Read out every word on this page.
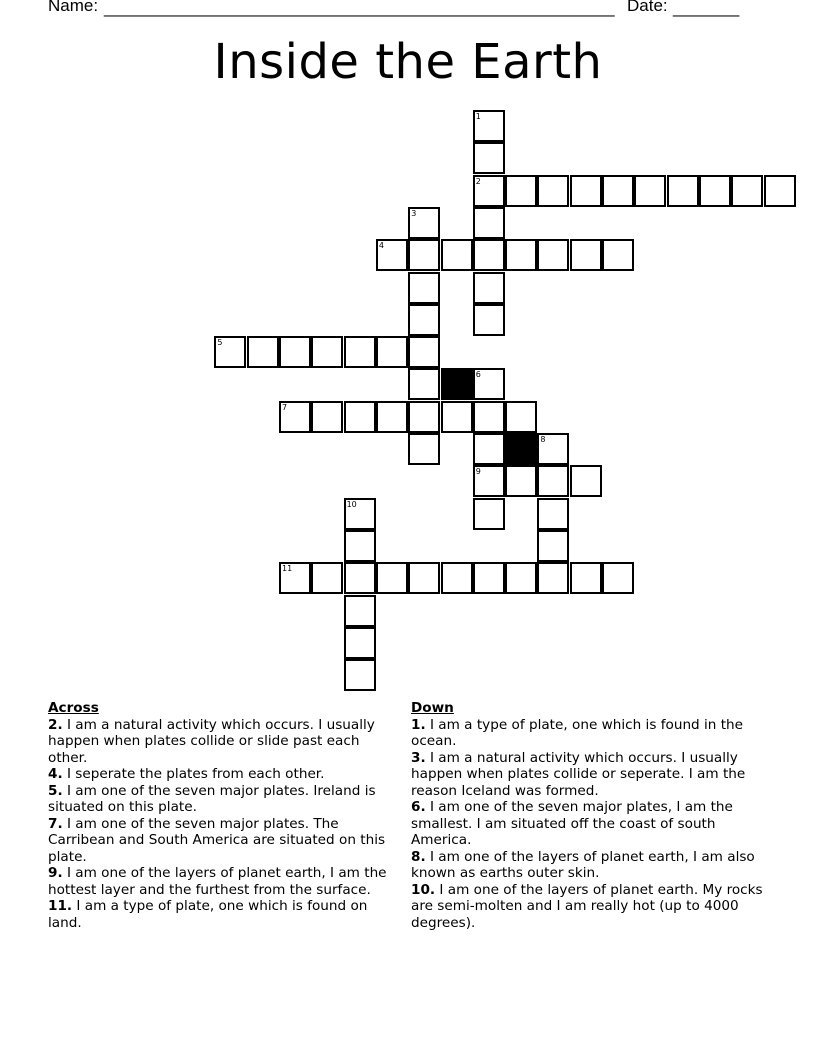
Name: ______________________________________________________ Date: _______
Inside the Earth
1
2
3
4
5
6
7
8
9
10
11
Across
2. I am a natural activity which occurs. I usually happen when plates collide or slide past each other.
4. I seperate the plates from each other.
5. I am one of the seven major plates. Ireland is situated on this plate.
7. I am one of the seven major plates. The Carribean and South America are situated on this plate.
9. I am one of the layers of planet earth, I am the hottest layer and the furthest from the surface.
11. I am a type of plate, one which is found on land.
Down
1. I am a type of plate, one which is found in the ocean.
3. I am a natural activity which occurs. I usually happen when plates collide or seperate. I am the reason Iceland was formed.
6. I am one of the seven major plates, I am the smallest. I am situated off the coast of south America.
8. I am one of the layers of planet earth, I am also known as earths outer skin.
10. I am one of the layers of planet earth. My rocks are semi-molten and I am really hot (up to 4000 degrees).
